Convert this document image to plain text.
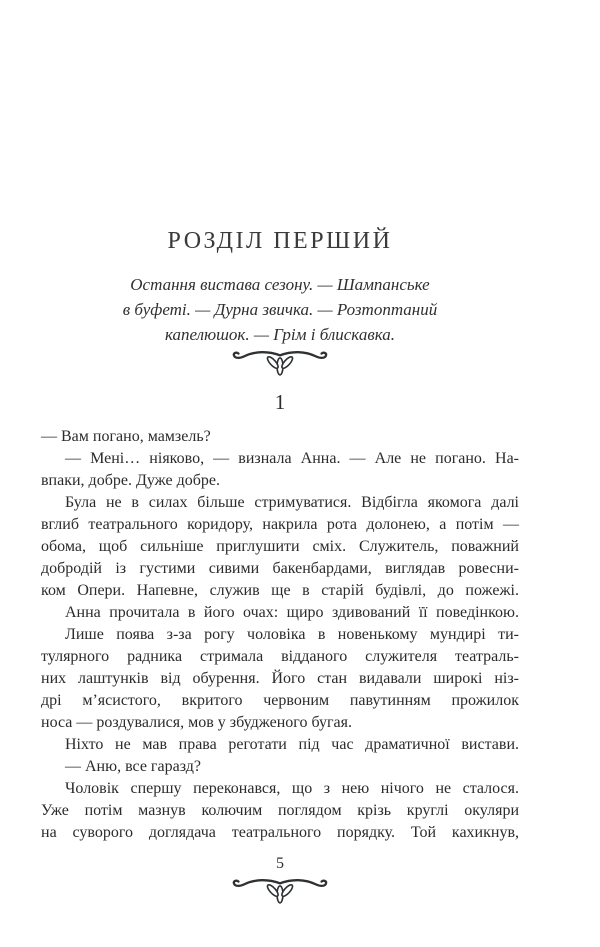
РОЗДІЛ ПЕРШИЙ
Остання вистава сезону. — Шампанське
в буфеті. — Дурна звичка. — Розтоптаний
капелюшок. — Грім і блискавка.
1
— Вам погано, мамзель?
— Мені… ніяково, — визнала Анна. — Але не погано. На-
впаки, добре. Дуже добре.
Була не в силах більше стримуватися. Відбігла якомога далі
вглиб театрального коридору, накрила рота долонею, а потім —
обома, щоб сильніше приглушити сміх. Служитель, поважний
добродій із густими сивими бакенбардами, виглядав ровесни-
ком Опери. Напевне, служив ще в старій будівлі, до пожежі.
Анна прочитала в його очах: щиро здивований її поведінкою.
Лише поява з-за рогу чоловіка в новенькому мундирі ти-
тулярного радника стримала відданого служителя театраль-
них лаштунків від обурення. Його стан видавали широкі ніз-
дрі м’ясистого, вкритого червоним павутинням прожилок
носа — роздувалися, мов у збудженого бугая.
Ніхто не мав права реготати під час драматичної вистави.
— Аню, все гаразд?
Чоловік спершу переконався, що з нею нічого не сталося.
Уже потім мазнув колючим поглядом крізь круглі окуляри
на суворого доглядача театрального порядку. Той кахикнув,
5
